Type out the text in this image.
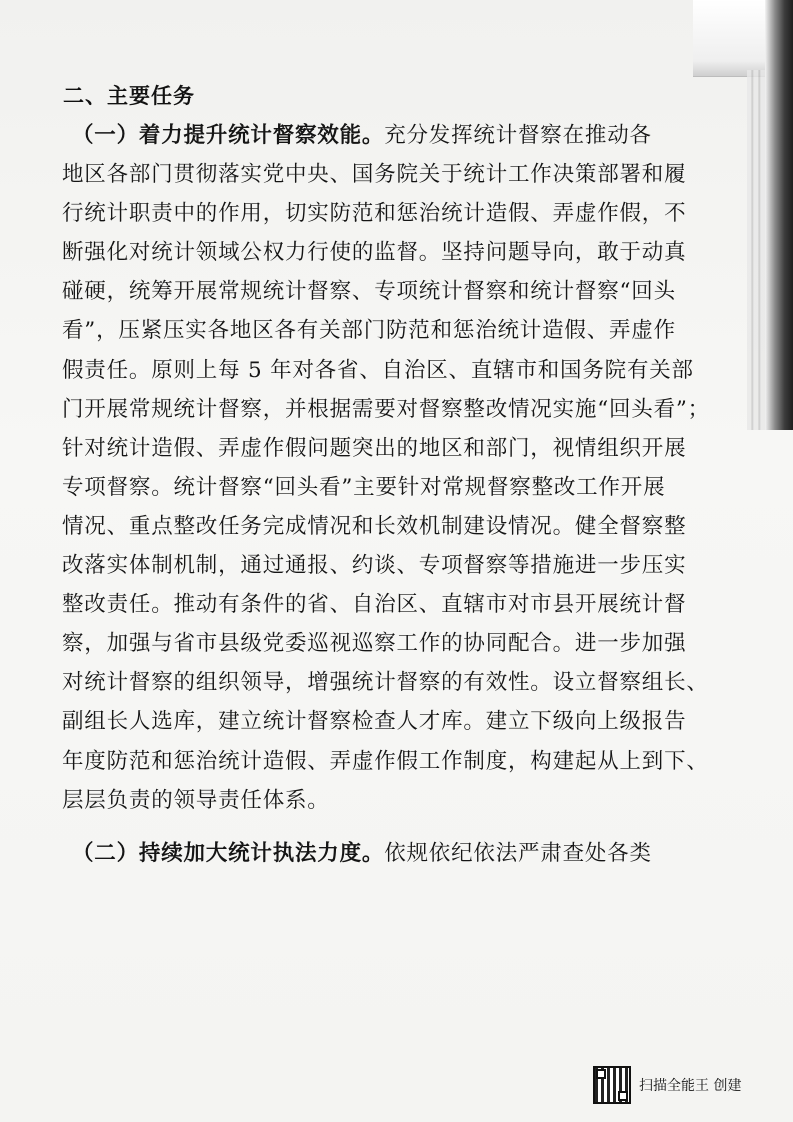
二、主要任务
（一）着力提升统计督察效能。充分发挥统计督察在推动各
地区各部门贯彻落实党中央、国务院关于统计工作决策部署和履
行统计职责中的作用，切实防范和惩治统计造假、弄虚作假，不
断强化对统计领域公权力行使的监督。坚持问题导向，敢于动真
碰硬，统筹开展常规统计督察、专项统计督察和统计督察“回头
看”，压紧压实各地区各有关部门防范和惩治统计造假、弄虚作
假责任。原则上每 5 年对各省、自治区、直辖市和国务院有关部
门开展常规统计督察，并根据需要对督察整改情况实施“回头看”；
针对统计造假、弄虚作假问题突出的地区和部门，视情组织开展
专项督察。统计督察“回头看”主要针对常规督察整改工作开展
情况、重点整改任务完成情况和长效机制建设情况。健全督察整
改落实体制机制，通过通报、约谈、专项督察等措施进一步压实
整改责任。推动有条件的省、自治区、直辖市对市县开展统计督
察，加强与省市县级党委巡视巡察工作的协同配合。进一步加强
对统计督察的组织领导，增强统计督察的有效性。设立督察组长、
副组长人选库，建立统计督察检查人才库。建立下级向上级报告
年度防范和惩治统计造假、弄虚作假工作制度，构建起从上到下、
层层负责的领导责任体系。
（二）持续加大统计执法力度。依规依纪依法严肃查处各类
扫描全能王 创建
